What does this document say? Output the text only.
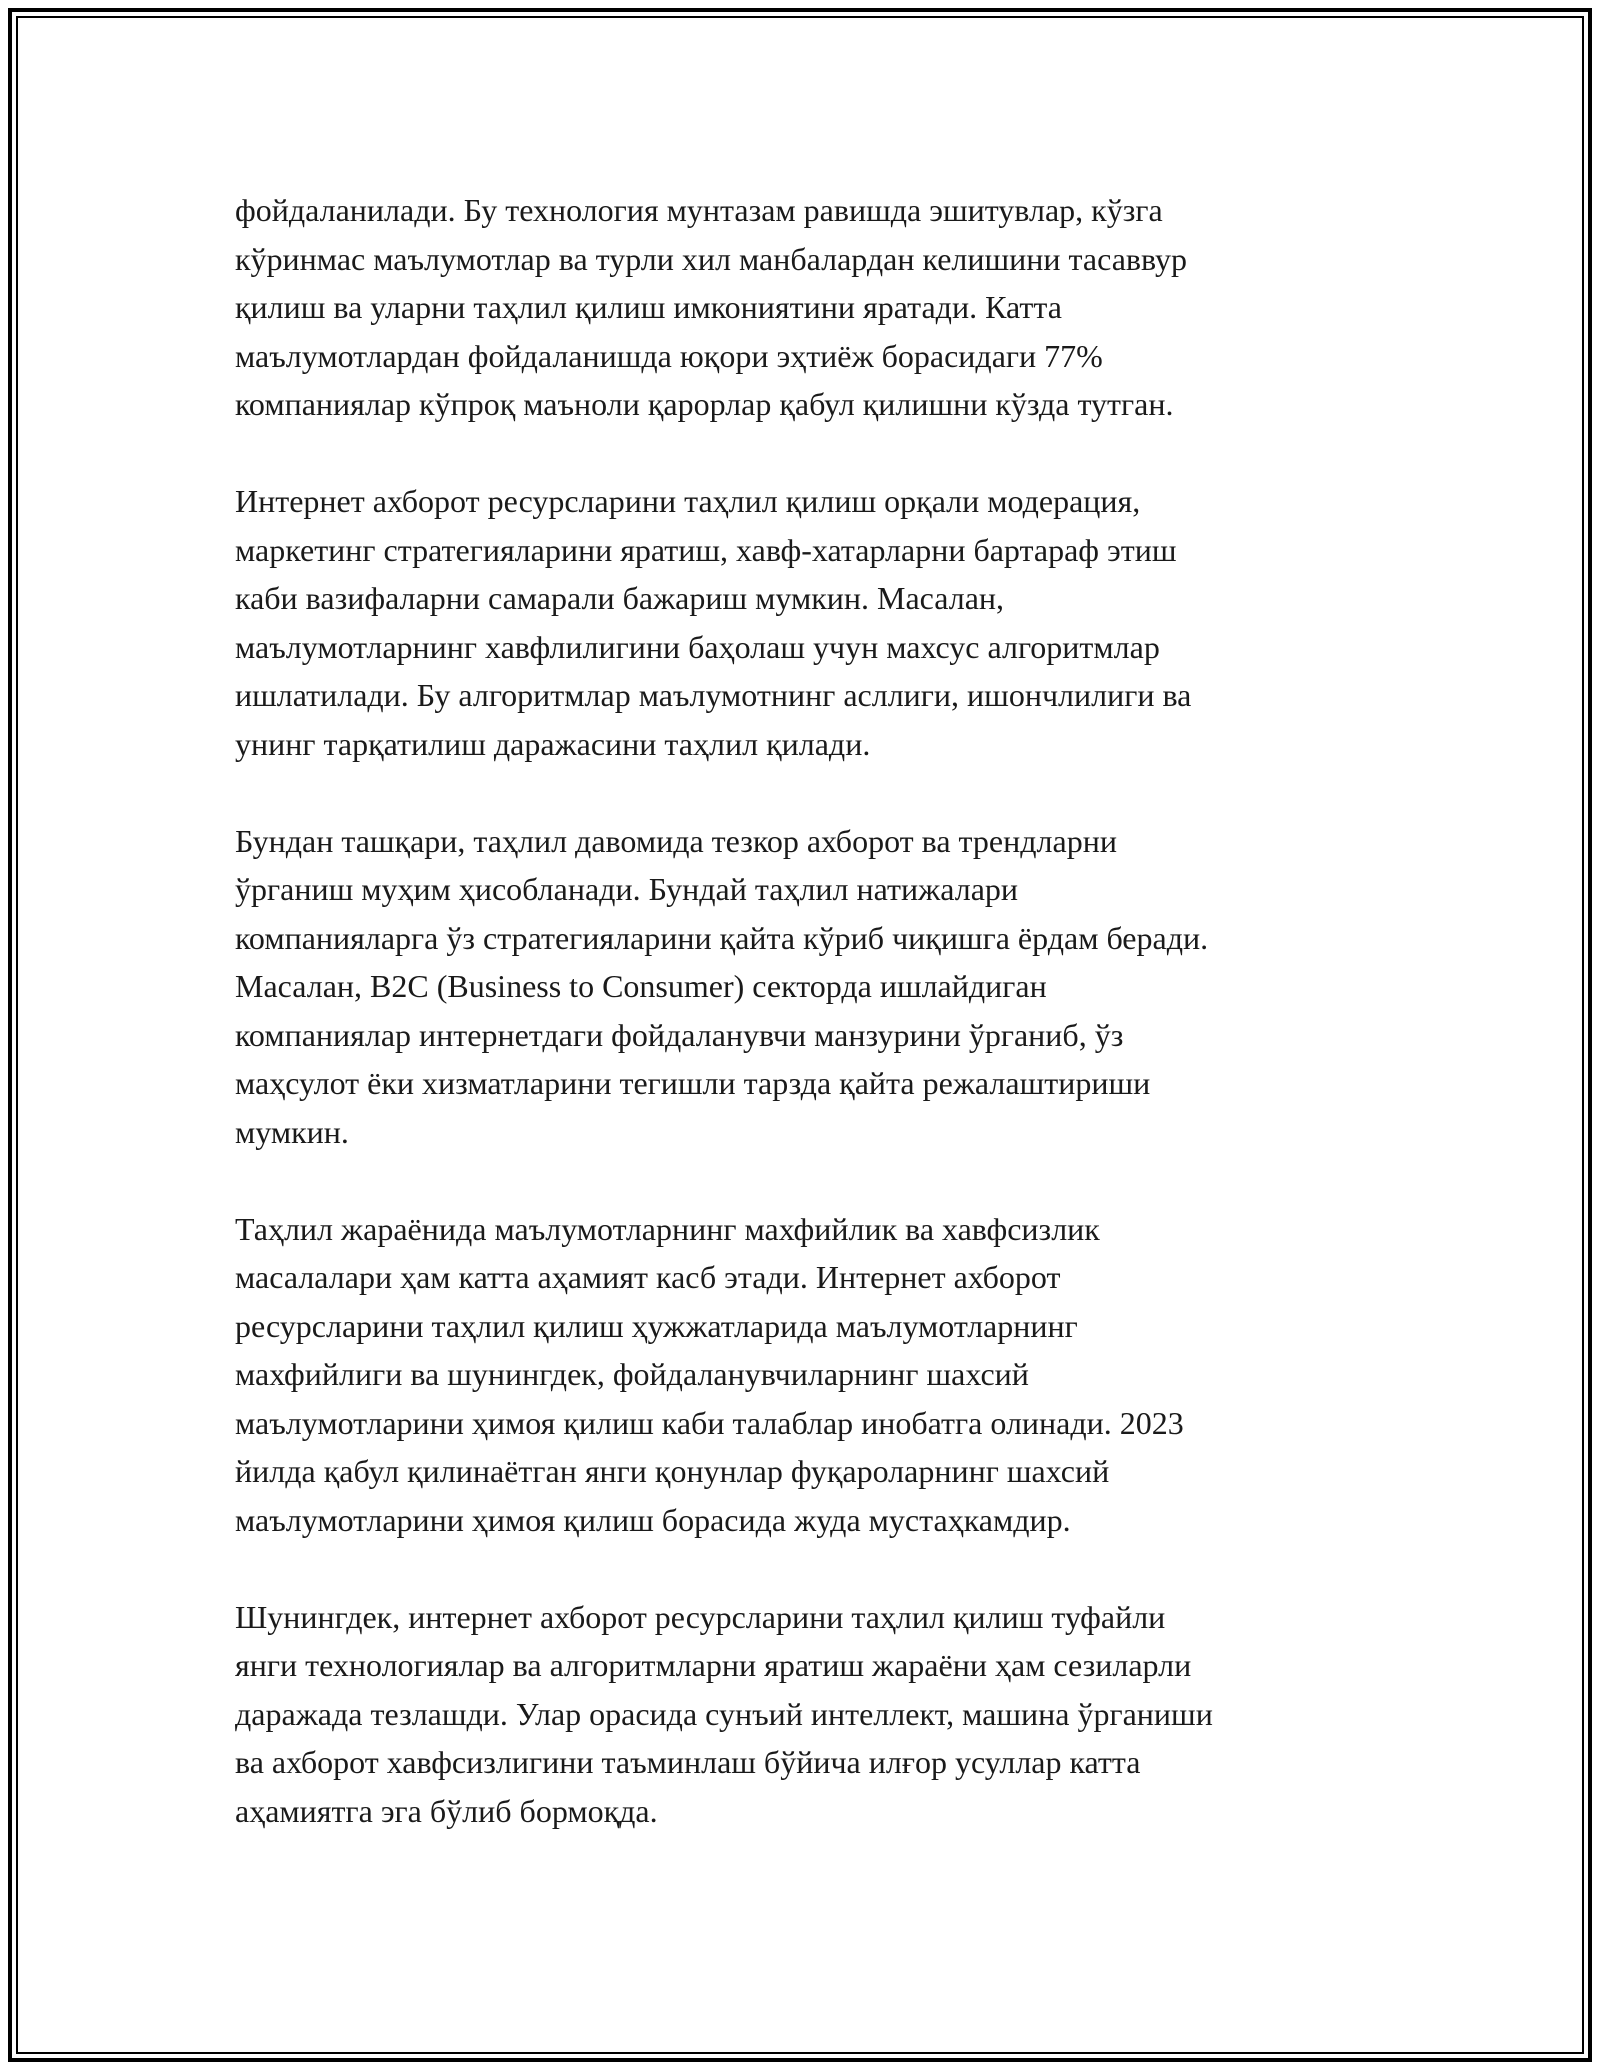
фойдаланилади. Бу технология мунтазам равишда эшитувлар, кўзга
кўринмас маълумотлар ва турли хил манбалардан келишини тасаввур
қилиш ва уларни таҳлил қилиш имкониятини яратади. Катта
маълумотлардан фойдаланишда юқори эҳтиёж борасидаги 77%
компаниялар кўпроқ маъноли қарорлар қабул қилишни кўзда тутган.

Интернет ахборот ресурсларини таҳлил қилиш орқали модерация,
маркетинг стратегияларини яратиш, хавф-хатарларни бартараф этиш
каби вазифаларни самарали бажариш мумкин. Масалан,
маълумотларнинг хавфлилигини баҳолаш учун махсус алгоритмлар
ишлатилади. Бу алгоритмлар маълумотнинг асллиги, ишончлилиги ва
унинг тарқатилиш даражасини таҳлил қилади.

Бундан ташқари, таҳлил давомида тезкор ахборот ва трендларни
ўрганиш муҳим ҳисобланади. Бундай таҳлил натижалари
компанияларга ўз стратегияларини қайта кўриб чиқишга ёрдам беради.
Масалан, B2C (Business to Consumer) секторда ишлайдиган
компаниялар интернетдаги фойдаланувчи манзурини ўрганиб, ўз
маҳсулот ёки хизматларини тегишли тарзда қайта режалаштириши
мумкин.

Таҳлил жараёнида маълумотларнинг махфийлик ва хавфсизлик
масалалари ҳам катта аҳамият касб этади. Интернет ахборот
ресурсларини таҳлил қилиш ҳужжатларида маълумотларнинг
махфийлиги ва шунингдек, фойдаланувчиларнинг шахсий
маълумотларини ҳимоя қилиш каби талаблар инобатга олинади. 2023
йилда қабул қилинаётган янги қонунлар фуқароларнинг шахсий
маълумотларини ҳимоя қилиш борасида жуда мустаҳкамдир.

Шунингдек, интернет ахборот ресурсларини таҳлил қилиш туфайли
янги технологиялар ва алгоритмларни яратиш жараёни ҳам сезиларли
даражада тезлашди. Улар орасида сунъий интеллект, машина ўрганиши
ва ахборот хавфсизлигини таъминлаш бўйича илғор усуллар катта
аҳамиятга эга бўлиб бормоқда.
